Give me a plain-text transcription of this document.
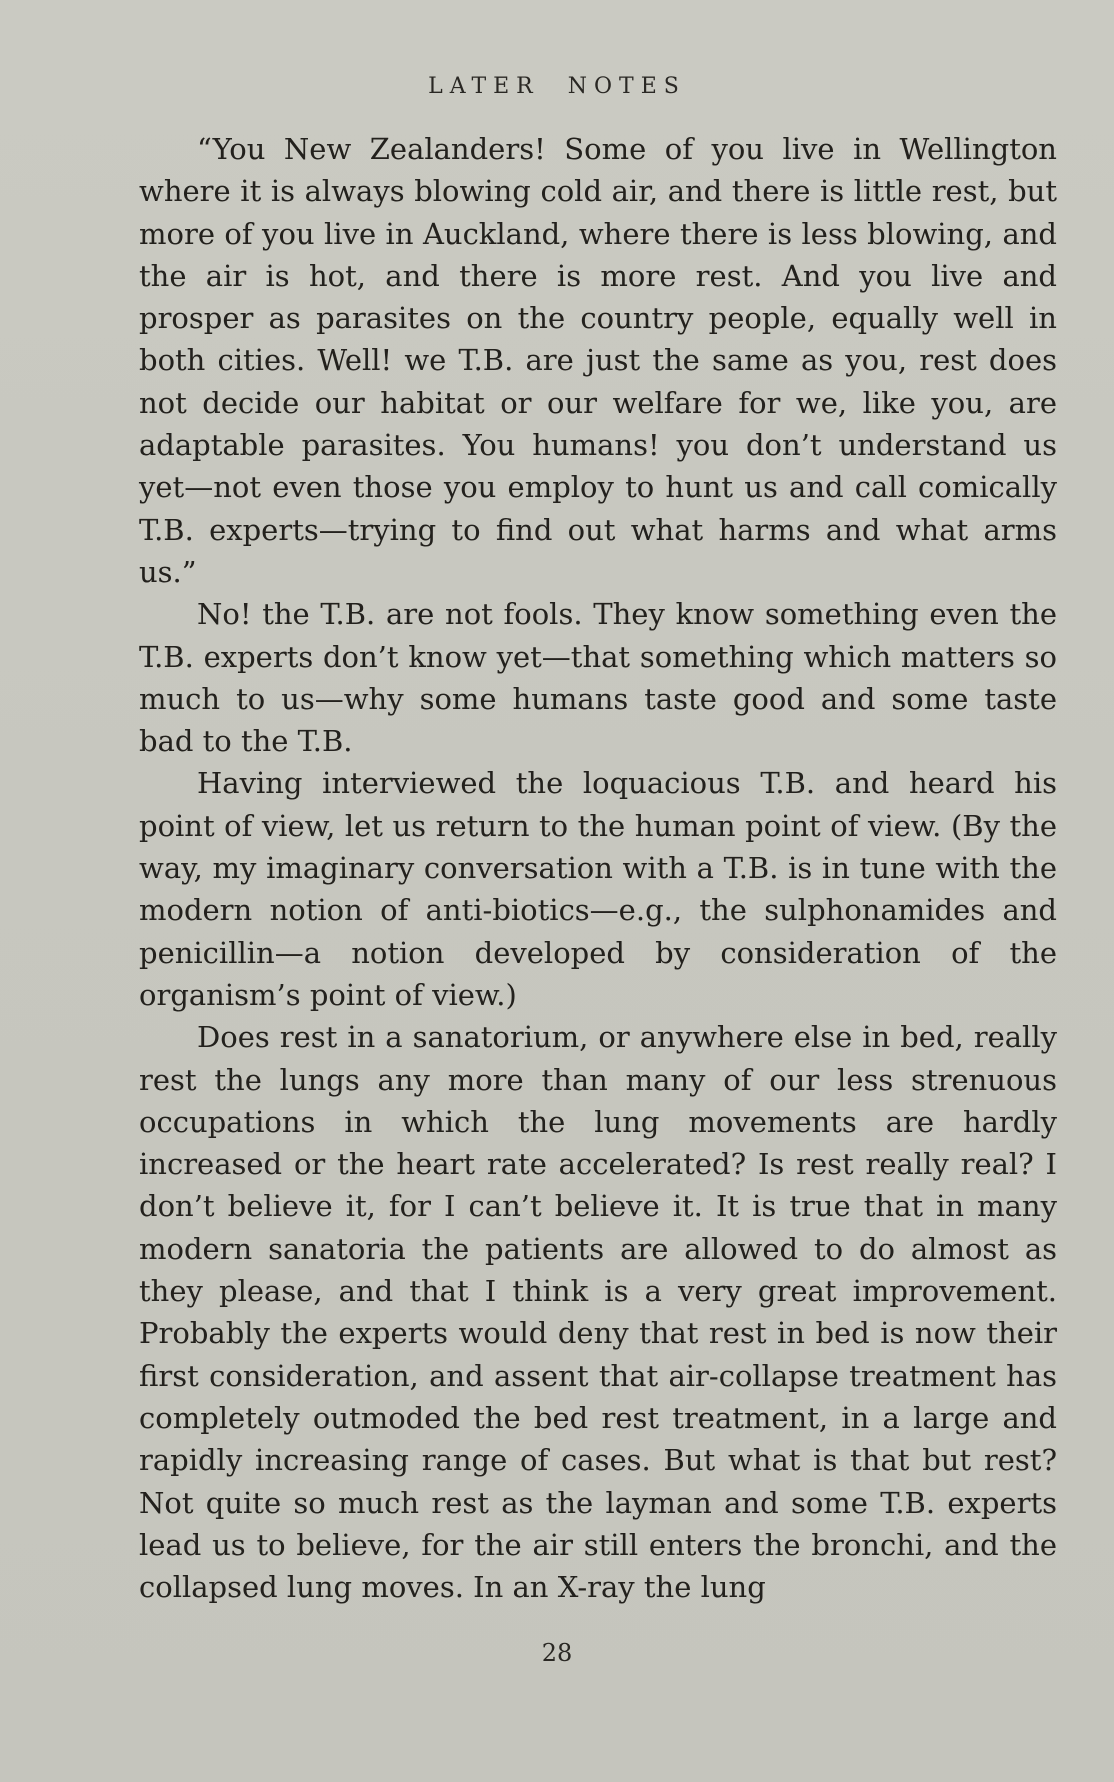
LATER NOTES

“You New Zealanders! Some of you live in Wellington where it is always blowing cold air, and there is little rest, but more of you live in Auckland, where there is less blowing, and the air is hot, and there is more rest. And you live and prosper as parasites on the country people, equally well in both cities. Well! we T.B. are just the same as you, rest does not decide our habitat or our welfare for we, like you, are adaptable parasites. You humans! you don’t understand us yet—not even those you employ to hunt us and call comically T.B. experts—trying to find out what harms and what arms us.”

No! the T.B. are not fools. They know something even the T.B. experts don’t know yet—that something which matters so much to us—why some humans taste good and some taste bad to the T.B.

Having interviewed the loquacious T.B. and heard his point of view, let us return to the human point of view. (By the way, my imaginary conversation with a T.B. is in tune with the modern notion of anti-biotics—e.g., the sulphonamides and penicillin—a notion developed by consideration of the organism’s point of view.)

Does rest in a sanatorium, or anywhere else in bed, really rest the lungs any more than many of our less strenuous occupations in which the lung movements are hardly increased or the heart rate accelerated? Is rest really real? I don’t believe it, for I can’t believe it. It is true that in many modern sanatoria the patients are allowed to do almost as they please, and that I think is a very great improvement. Probably the experts would deny that rest in bed is now their first consideration, and assent that air-collapse treatment has completely outmoded the bed rest treatment, in a large and rapidly increasing range of cases. But what is that but rest? Not quite so much rest as the layman and some T.B. experts lead us to believe, for the air still enters the bronchi, and the collapsed lung moves. In an X-ray the lung

28
